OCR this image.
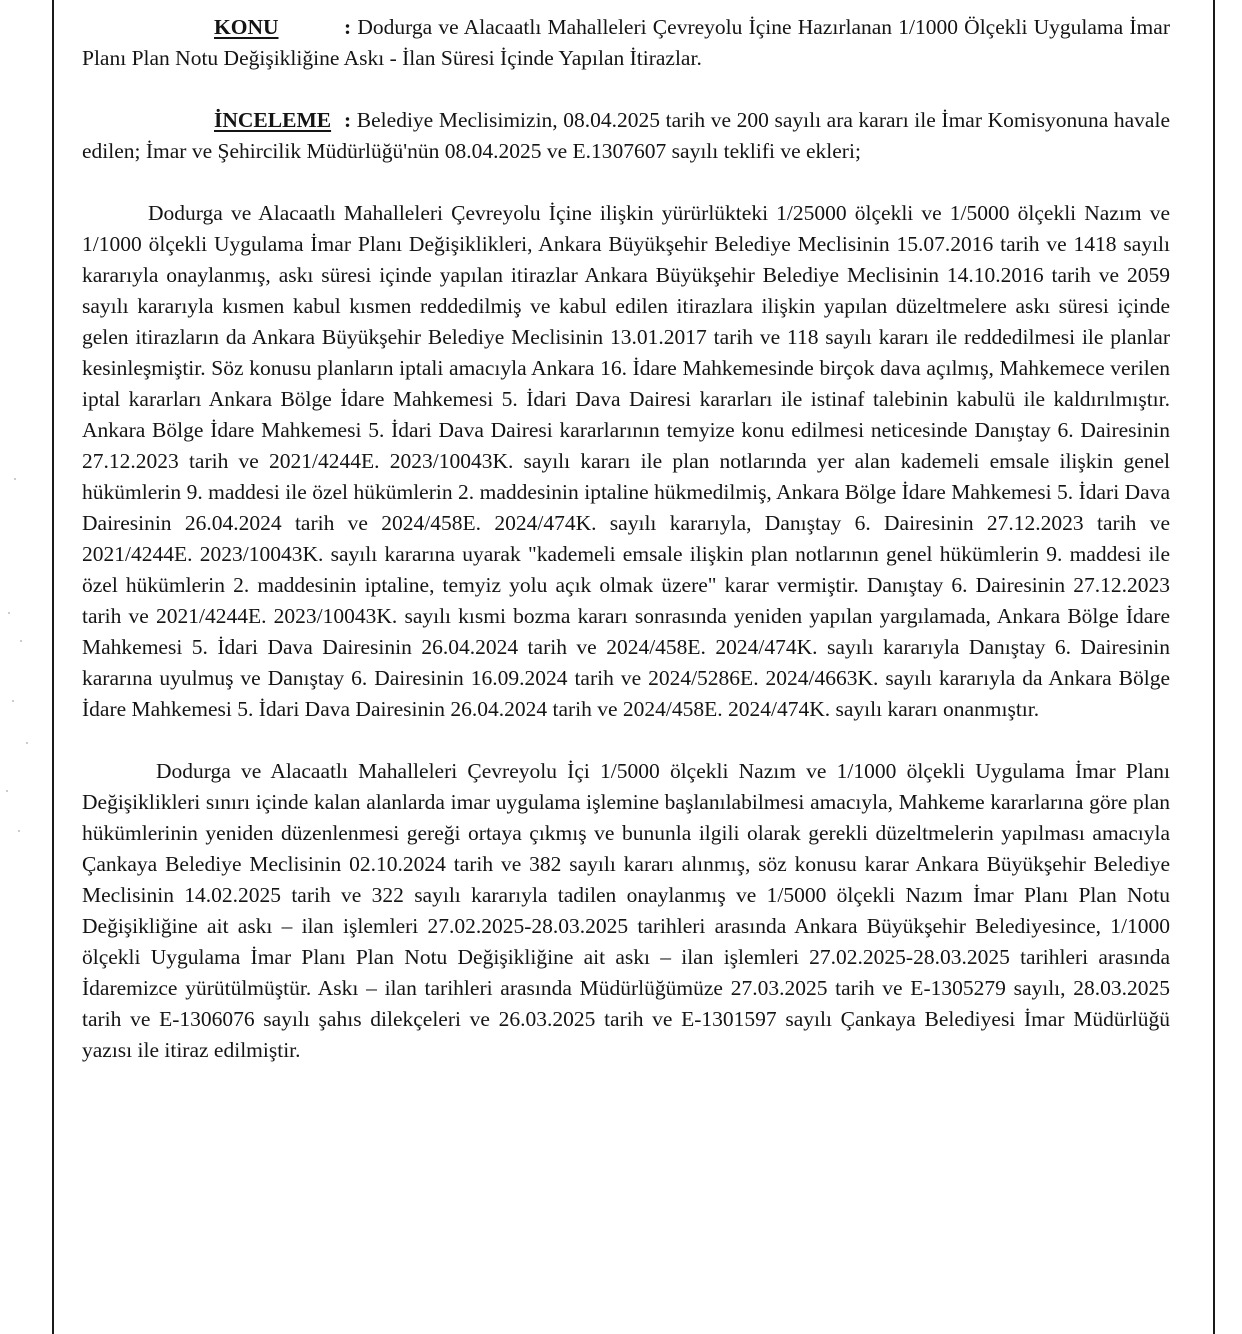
KONU	: Dodurga ve Alacaatlı Mahalleleri Çevreyolu İçine Hazırlanan 1/1000 Ölçekli Uygulama İmar Planı Plan Notu Değişikliğine Askı - İlan Süresi İçinde Yapılan İtirazlar.

İNCELEME : Belediye Meclisimizin, 08.04.2025 tarih ve 200 sayılı ara kararı ile İmar Komisyonuna havale edilen; İmar ve Şehircilik Müdürlüğü'nün 08.04.2025 ve E.1307607 sayılı teklifi ve ekleri;

Dodurga ve Alacaatlı Mahalleleri Çevreyolu İçine ilişkin yürürlükteki 1/25000 ölçekli ve 1/5000 ölçekli Nazım ve 1/1000 ölçekli Uygulama İmar Planı Değişiklikleri, Ankara Büyükşehir Belediye Meclisinin 15.07.2016 tarih ve 1418 sayılı kararıyla onaylanmış, askı süresi içinde yapılan itirazlar Ankara Büyükşehir Belediye Meclisinin 14.10.2016 tarih ve 2059 sayılı kararıyla kısmen kabul kısmen reddedilmiş ve kabul edilen itirazlara ilişkin yapılan düzeltmelere askı süresi içinde gelen itirazların da Ankara Büyükşehir Belediye Meclisinin 13.01.2017 tarih ve 118 sayılı kararı ile reddedilmesi ile planlar kesinleşmiştir. Söz konusu planların iptali amacıyla Ankara 16. İdare Mahkemesinde birçok dava açılmış, Mahkemece verilen iptal kararları Ankara Bölge İdare Mahkemesi 5. İdari Dava Dairesi kararları ile istinaf talebinin kabulü ile kaldırılmıştır. Ankara Bölge İdare Mahkemesi 5. İdari Dava Dairesi kararlarının temyize konu edilmesi neticesinde Danıştay 6. Dairesinin 27.12.2023 tarih ve 2021/4244E. 2023/10043K. sayılı kararı ile plan notlarında yer alan kademeli emsale ilişkin genel hükümlerin 9. maddesi ile özel hükümlerin 2. maddesinin iptaline hükmedilmiş, Ankara Bölge İdare Mahkemesi 5. İdari Dava Dairesinin 26.04.2024 tarih ve 2024/458E. 2024/474K. sayılı kararıyla, Danıştay 6. Dairesinin 27.12.2023 tarih ve 2021/4244E. 2023/10043K. sayılı kararına uyarak "kademeli emsale ilişkin plan notlarının genel hükümlerin 9. maddesi ile özel hükümlerin 2. maddesinin iptaline, temyiz yolu açık olmak üzere" karar vermiştir. Danıştay 6. Dairesinin 27.12.2023 tarih ve 2021/4244E. 2023/10043K. sayılı kısmi bozma kararı sonrasında yeniden yapılan yargılamada, Ankara Bölge İdare Mahkemesi 5. İdari Dava Dairesinin 26.04.2024 tarih ve 2024/458E. 2024/474K. sayılı kararıyla Danıştay 6. Dairesinin kararına uyulmuş ve Danıştay 6. Dairesinin 16.09.2024 tarih ve 2024/5286E. 2024/4663K. sayılı kararıyla da Ankara Bölge İdare Mahkemesi 5. İdari Dava Dairesinin 26.04.2024 tarih ve 2024/458E. 2024/474K. sayılı kararı onanmıştır.

Dodurga ve Alacaatlı Mahalleleri Çevreyolu İçi 1/5000 ölçekli Nazım ve 1/1000 ölçekli Uygulama İmar Planı Değişiklikleri sınırı içinde kalan alanlarda imar uygulama işlemine başlanılabilmesi amacıyla, Mahkeme kararlarına göre plan hükümlerinin yeniden düzenlenmesi gereği ortaya çıkmış ve bununla ilgili olarak gerekli düzeltmelerin yapılması amacıyla Çankaya Belediye Meclisinin 02.10.2024 tarih ve 382 sayılı kararı alınmış, söz konusu karar Ankara Büyükşehir Belediye Meclisinin 14.02.2025 tarih ve 322 sayılı kararıyla tadilen onaylanmış ve 1/5000 ölçekli Nazım İmar Planı Plan Notu Değişikliğine ait askı – ilan işlemleri 27.02.2025-28.03.2025 tarihleri arasında Ankara Büyükşehir Belediyesince, 1/1000 ölçekli Uygulama İmar Planı Plan Notu Değişikliğine ait askı – ilan işlemleri 27.02.2025-28.03.2025 tarihleri arasında İdaremizce yürütülmüştür. Askı – ilan tarihleri arasında Müdürlüğümüze 27.03.2025 tarih ve E-1305279 sayılı, 28.03.2025 tarih ve E-1306076 sayılı şahıs dilekçeleri ve 26.03.2025 tarih ve E-1301597 sayılı Çankaya Belediyesi İmar Müdürlüğü yazısı ile itiraz edilmiştir.
